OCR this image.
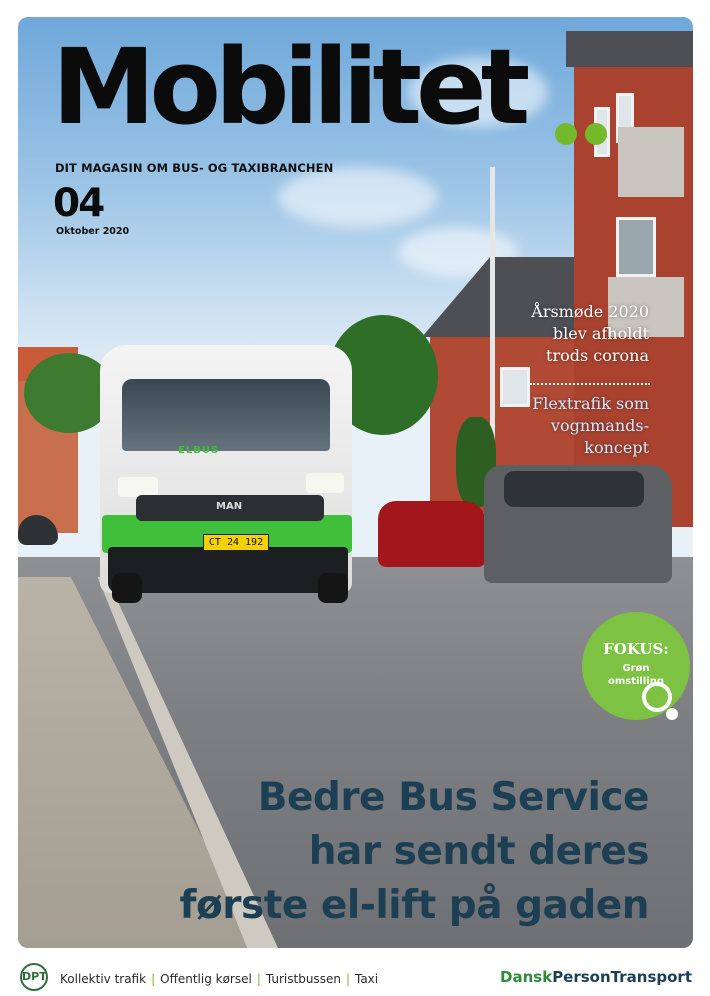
ELBUS
MAN
CT 24 192
Mobilitet
DIT MAGASIN OM BUS- OG TAXIBRANCHEN
04
Oktober 2020
Årsmøde 2020
blev afholdt
trods corona
Flextrafik som
vognmands-
koncept
Bedre Bus Service
har sendt deres
første el-lift på gaden
FOKUS:
Grøn omstilling
DPT Kollektiv trafik | Offentlig kørsel | Turistbussen | Taxi	DanskPersonTransport
